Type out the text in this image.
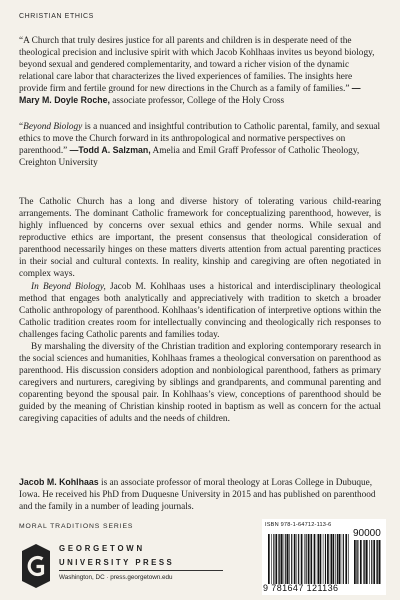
CHRISTIAN ETHICS

“A Church that truly desires justice for all parents and children is in desperate need of the theological precision and inclusive spirit with which Jacob Kohlhaas invites us beyond biology, beyond sexual and gendered complementarity, and toward a richer vision of the dynamic relational care labor that characterizes the lived experiences of families. The insights here provide firm and fertile ground for new directions in the Church as a family of families.” —Mary M. Doyle Roche, associate professor, College of the Holy Cross

“Beyond Biology is a nuanced and insightful contribution to Catholic parental, family, and sexual ethics to move the Church forward in its anthropological and normative perspectives on parenthood.” —Todd A. Salzman, Amelia and Emil Graff Professor of Catholic Theology, Creighton University

The Catholic Church has a long and diverse history of tolerating various child-rearing arrangements. The dominant Catholic framework for conceptualizing parenthood, however, is highly influenced by concerns over sexual ethics and gender norms. While sexual and reproductive ethics are important, the present consensus that theological consideration of parenthood necessarily hinges on these matters diverts attention from actual parenting practices in their social and cultural contexts. In reality, kinship and caregiving are often negotiated in complex ways.

In Beyond Biology, Jacob M. Kohlhaas uses a historical and interdisciplinary theological method that engages both analytically and appreciatively with tradition to sketch a broader Catholic anthropology of parenthood. Kohlhaas’s identification of interpretive options within the Catholic tradition creates room for intellectually convincing and theologically rich responses to challenges facing Catholic parents and families today.

By marshaling the diversity of the Christian tradition and exploring contemporary research in the social sciences and humanities, Kohlhaas frames a theological conversation on parenthood as parenthood. His discussion considers adoption and nonbiological parenthood, fathers as primary caregivers and nurturers, caregiving by siblings and grandparents, and communal parenting and coparenting beyond the spousal pair. In Kohlhaas’s view, conceptions of parenthood should be guided by the meaning of Christian kinship rooted in baptism as well as concern for the actual caregiving capacities of adults and the needs of children.

Jacob M. Kohlhaas is an associate professor of moral theology at Loras College in Dubuque, Iowa. He received his PhD from Duquesne University in 2015 and has published on parenthood and the family in a number of leading journals.

MORAL TRADITIONS SERIES
GEORGETOWN
UNIVERSITY PRESS
Washington, DC · press.georgetown.edu
ISBN 978-1-64712-113-6
90000
9 781647 121136
